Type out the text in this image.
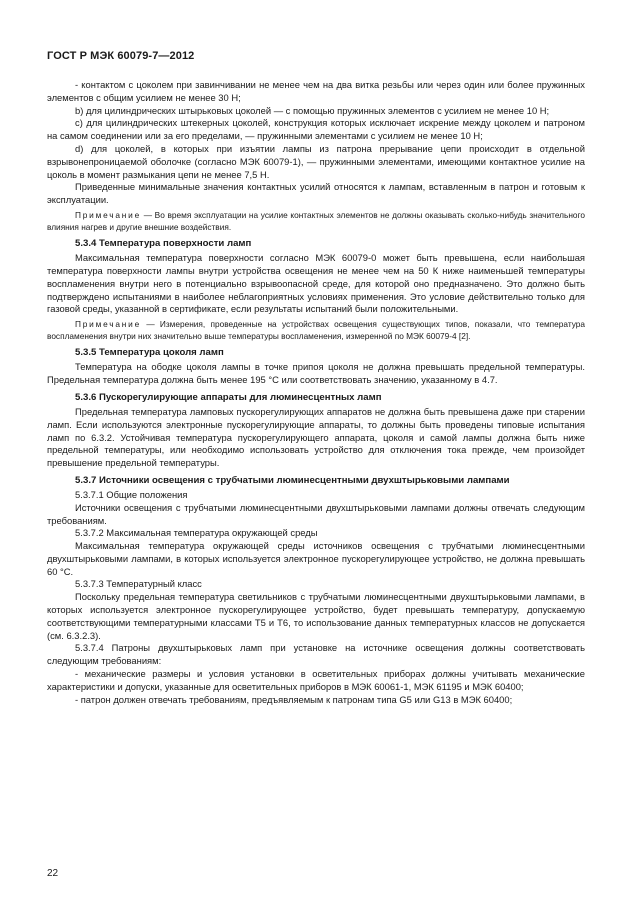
ГОСТ Р МЭК 60079-7—2012

- контактом с цоколем при завинчивании не менее чем на два витка резьбы или через один или более пружинных элементов с общим усилием не менее 30 Н;

b) для цилиндрических штырьковых цоколей — с помощью пружинных элементов с усилием не менее 10 Н;

c) для цилиндрических штекерных цоколей, конструкция которых исключает искрение между цоколем и патроном на самом соединении или за его пределами, — пружинными элементами с усилием не менее 10 Н;

d) для цоколей, в которых при изъятии лампы из патрона прерывание цепи происходит в отдельной взрывонепроницаемой оболочке (согласно МЭК 60079-1), — пружинными элементами, имеющими контактное усилие на цоколь в момент размыкания цепи не менее 7,5 Н.

Приведенные минимальные значения контактных усилий относятся к лампам, вставленным в патрон и готовым к эксплуатации.

Примечание — Во время эксплуатации на усилие контактных элементов не должны оказывать сколько-нибудь значительного влияния нагрев и другие внешние воздействия.

5.3.4 Температура поверхности ламп

Максимальная температура поверхности согласно МЭК 60079-0 может быть превышена, если наибольшая температура поверхности лампы внутри устройства освещения не менее чем на 50 К ниже наименьшей температуры воспламенения внутри него в потенциально взрывоопасной среде, для которой оно предназначено. Это должно быть подтверждено испытаниями в наиболее неблагоприятных условиях применения. Это условие действительно только для газовой среды, указанной в сертификате, если результаты испытаний были положительными.

Примечание — Измерения, проведенные на устройствах освещения существующих типов, показали, что температура воспламенения внутри них значительно выше температуры воспламенения, измеренной по МЭК 60079-4 [2].

5.3.5 Температура цоколя ламп

Температура на ободке цоколя лампы в точке припоя цоколя не должна превышать предельной температуры. Предельная температура должна быть менее 195 °С или соответствовать значению, указанному в 4.7.

5.3.6 Пускорегулирующие аппараты для люминесцентных ламп

Предельная температура ламповых пускорегулирующих аппаратов не должна быть превышена даже при старении ламп. Если используются электронные пускорегулирующие аппараты, то должны быть проведены типовые испытания ламп по 6.3.2. Устойчивая температура пускорегулирующего аппарата, цоколя и самой лампы должна быть ниже предельной температуры, или необходимо использовать устройство для отключения тока прежде, чем произойдет превышение предельной температуры.

5.3.7 Источники освещения с трубчатыми люминесцентными двухштырьковыми лампами

5.3.7.1 Общие положения

Источники освещения с трубчатыми люминесцентными двухштырьковыми лампами должны отвечать следующим требованиям.

5.3.7.2 Максимальная температура окружающей среды

Максимальная температура окружающей среды источников освещения с трубчатыми люминесцентными двухштырьковыми лампами, в которых используется электронное пускорегулирующее устройство, не должна превышать 60 °С.

5.3.7.3 Температурный класс

Поскольку предельная температура светильников с трубчатыми люминесцентными двухштырьковыми лампами, в которых используется электронное пускорегулирующее устройство, будет превышать температуру, допускаемую соответствующими температурными классами Т5 и Т6, то использование данных температурных классов не допускается (см. 6.3.2.3).

5.3.7.4 Патроны двухштырьковых ламп при установке на источнике освещения должны соответствовать следующим требованиям:

- механические размеры и условия установки в осветительных приборах должны учитывать механические характеристики и допуски, указанные для осветительных приборов в МЭК 60061-1, МЭК 61195 и МЭК 60400;

- патрон должен отвечать требованиям, предъявляемым к патронам типа G5 или G13 в МЭК 60400;

22
